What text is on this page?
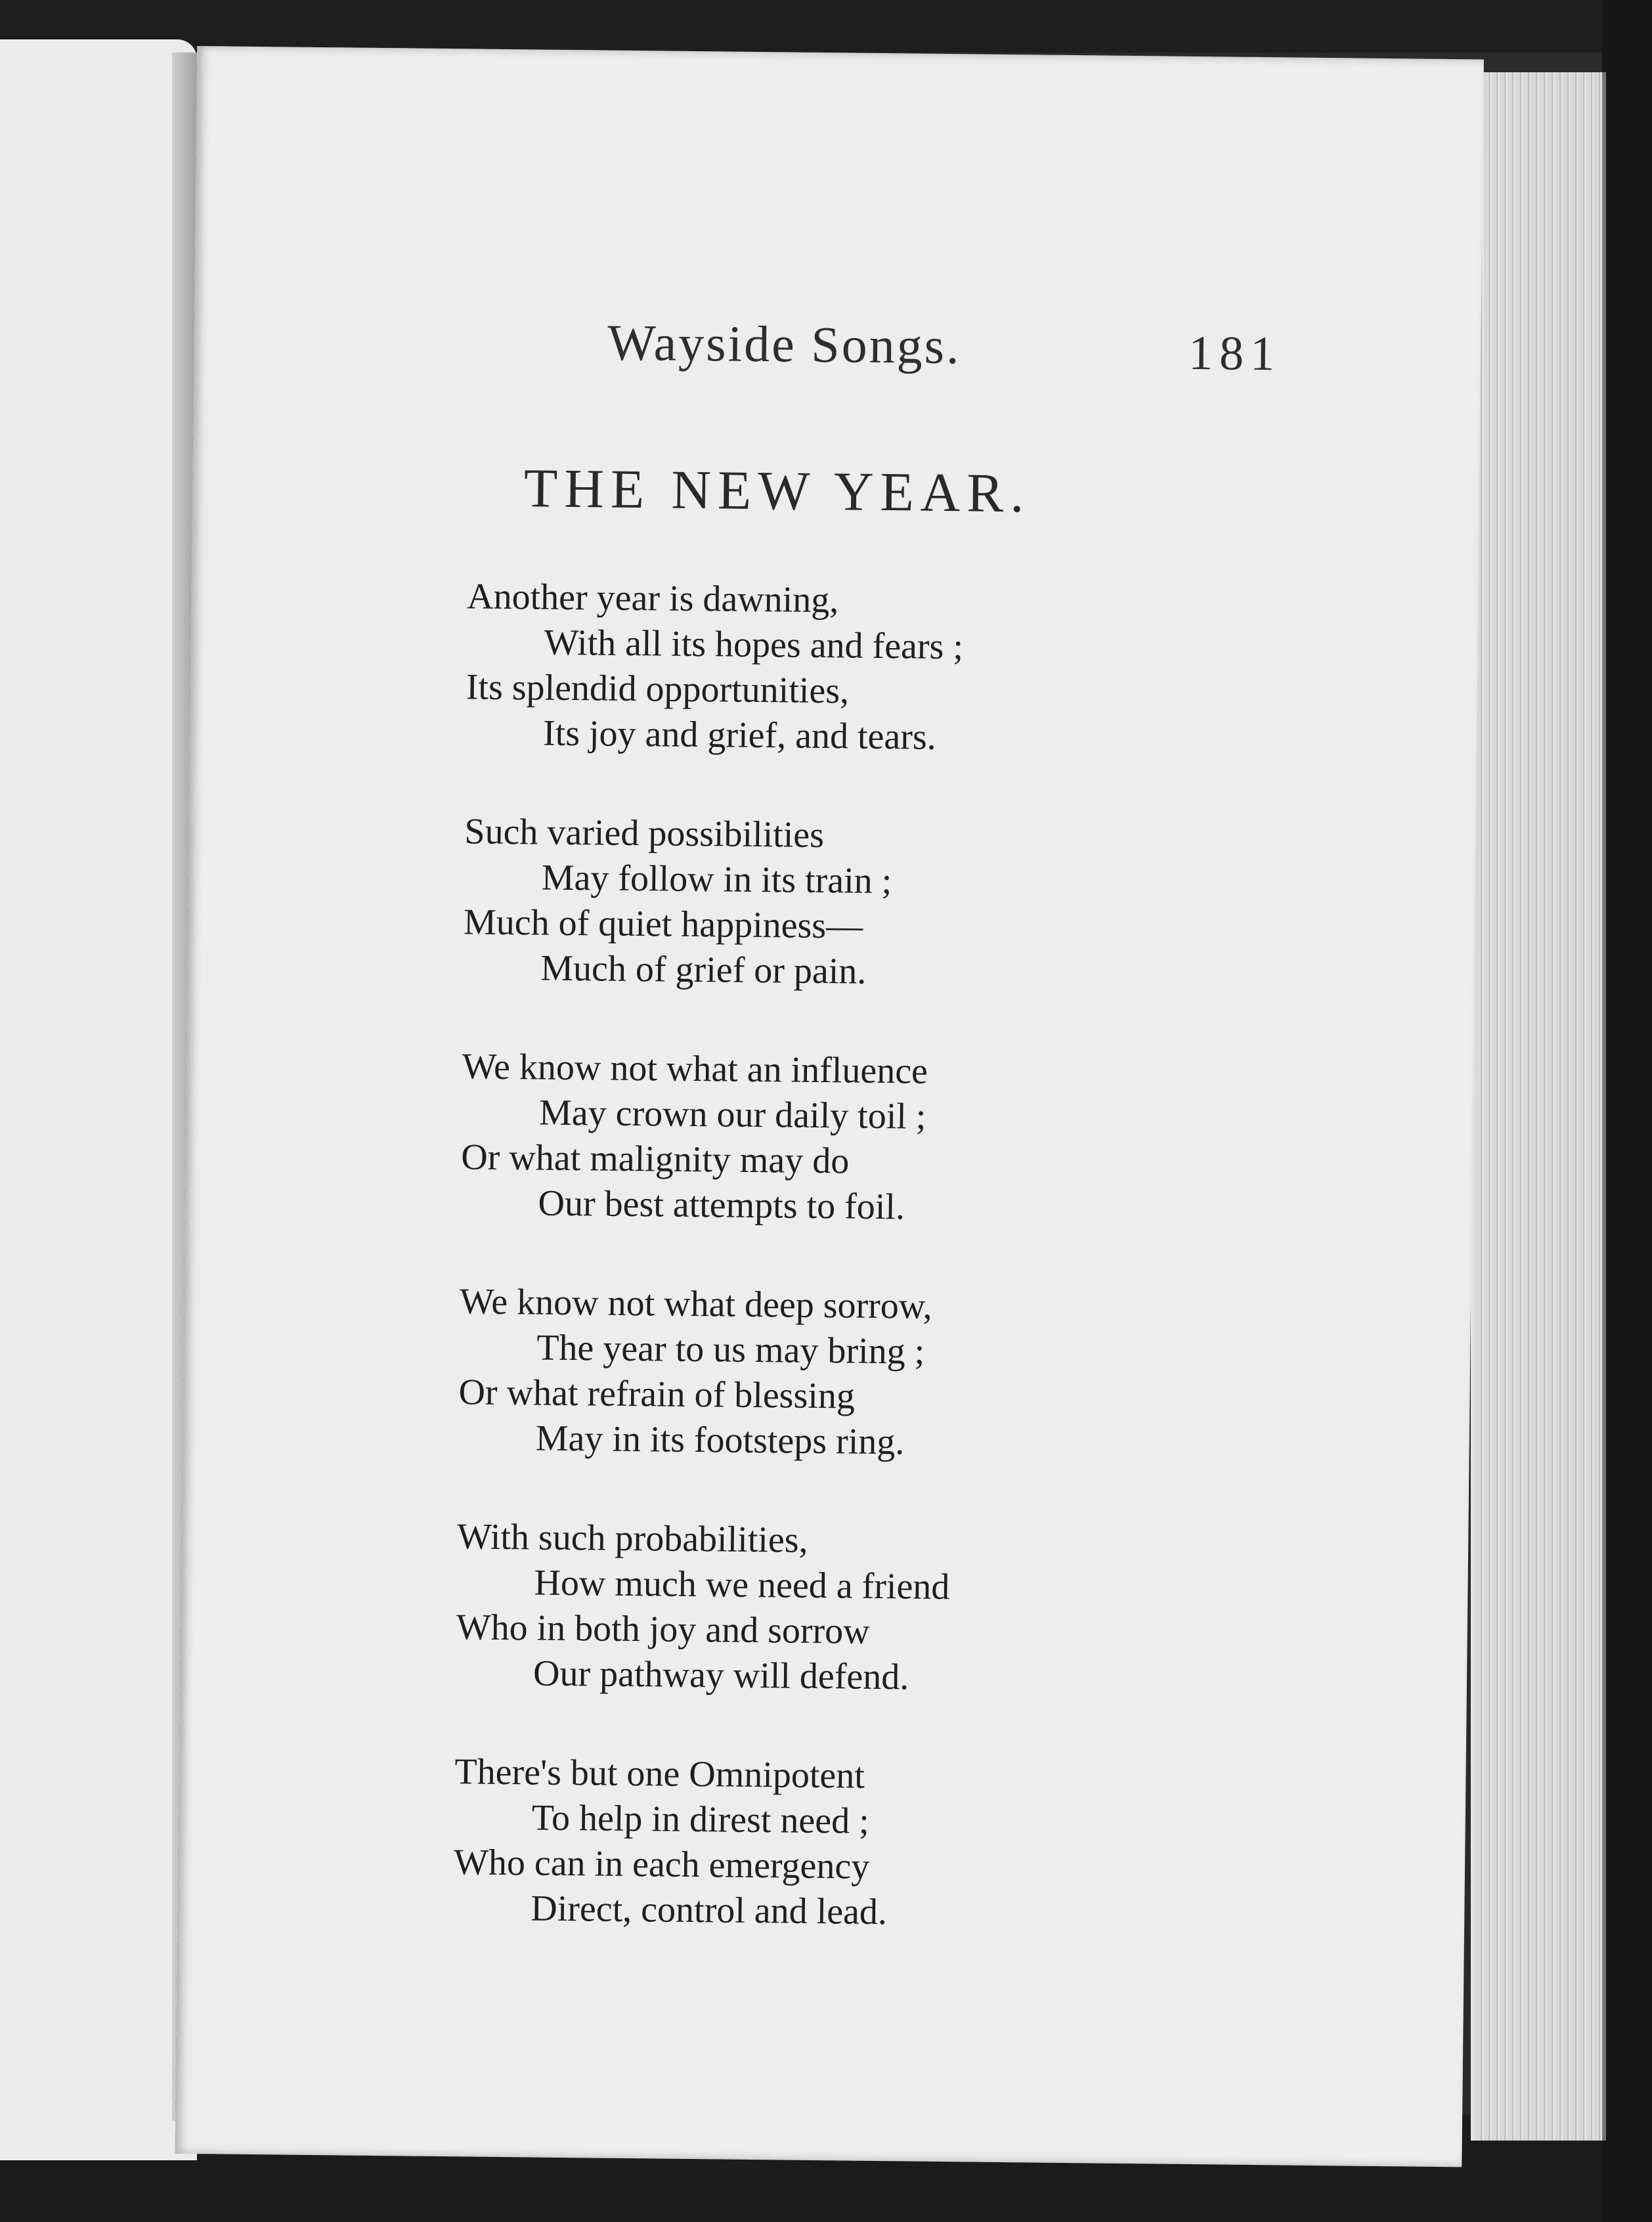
Wayside Songs.	181
THE NEW YEAR.
Another year is dawning,
With all its hopes and fears ;
Its splendid opportunities,
Its joy and grief, and tears.
Such varied possibilities
May follow in its train ;
Much of quiet happiness—
Much of grief or pain.
We know not what an influence
May crown our daily toil ;
Or what malignity may do
Our best attempts to foil.
We know not what deep sorrow,
The year to us may bring ;
Or what refrain of blessing
May in its footsteps ring.
With such probabilities,
How much we need a friend
Who in both joy and sorrow
Our pathway will defend.
There's but one Omnipotent
To help in direst need ;
Who can in each emergency
Direct, control and lead.
